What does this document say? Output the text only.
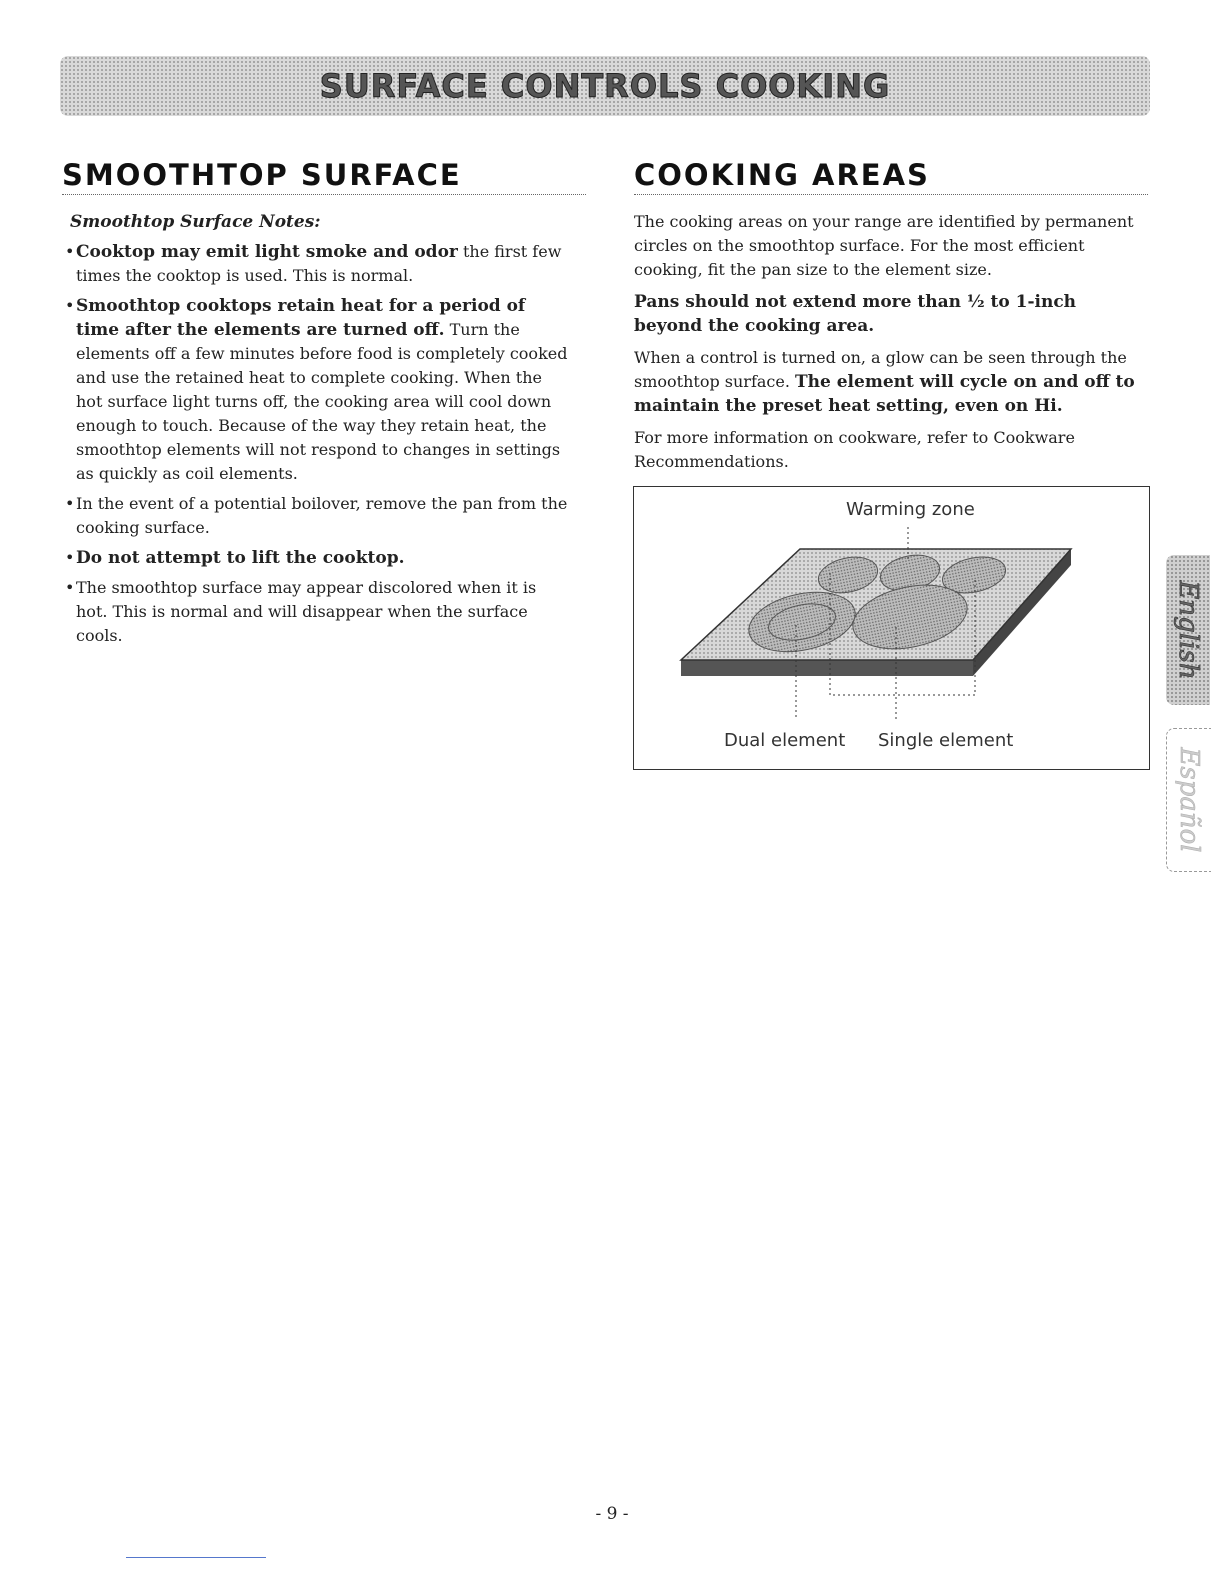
SURFACE CONTROLS COOKING
SMOOTHTOP SURFACE
Smoothtop Surface Notes:
• Cooktop may emit light smoke and odor the first few times the cooktop is used. This is normal.
• Smoothtop cooktops retain heat for a period of time after the elements are turned off. Turn the elements off a few minutes before food is completely cooked and use the retained heat to complete cooking. When the hot surface light turns off, the cooking area will cool down enough to touch. Because of the way they retain heat, the smoothtop elements will not respond to changes in settings as quickly as coil elements.
• In the event of a potential boilover, remove the pan from the cooking surface.
• Do not attempt to lift the cooktop.
• The smoothtop surface may appear discolored when it is hot. This is normal and will disappear when the surface cools.
COOKING AREAS

The cooking areas on your range are identified by permanent circles on the smoothtop surface. For the most efficient cooking, fit the pan size to the element size.

Pans should not extend more than ½ to 1-inch beyond the cooking area.

When a control is turned on, a glow can be seen through the smoothtop surface. The element will cycle on and off to maintain the preset heat setting, even on Hi.

For more information on cookware, refer to Cookware Recommendations.

Warming zone
Dual element Single element
English
Español
- 9 -
